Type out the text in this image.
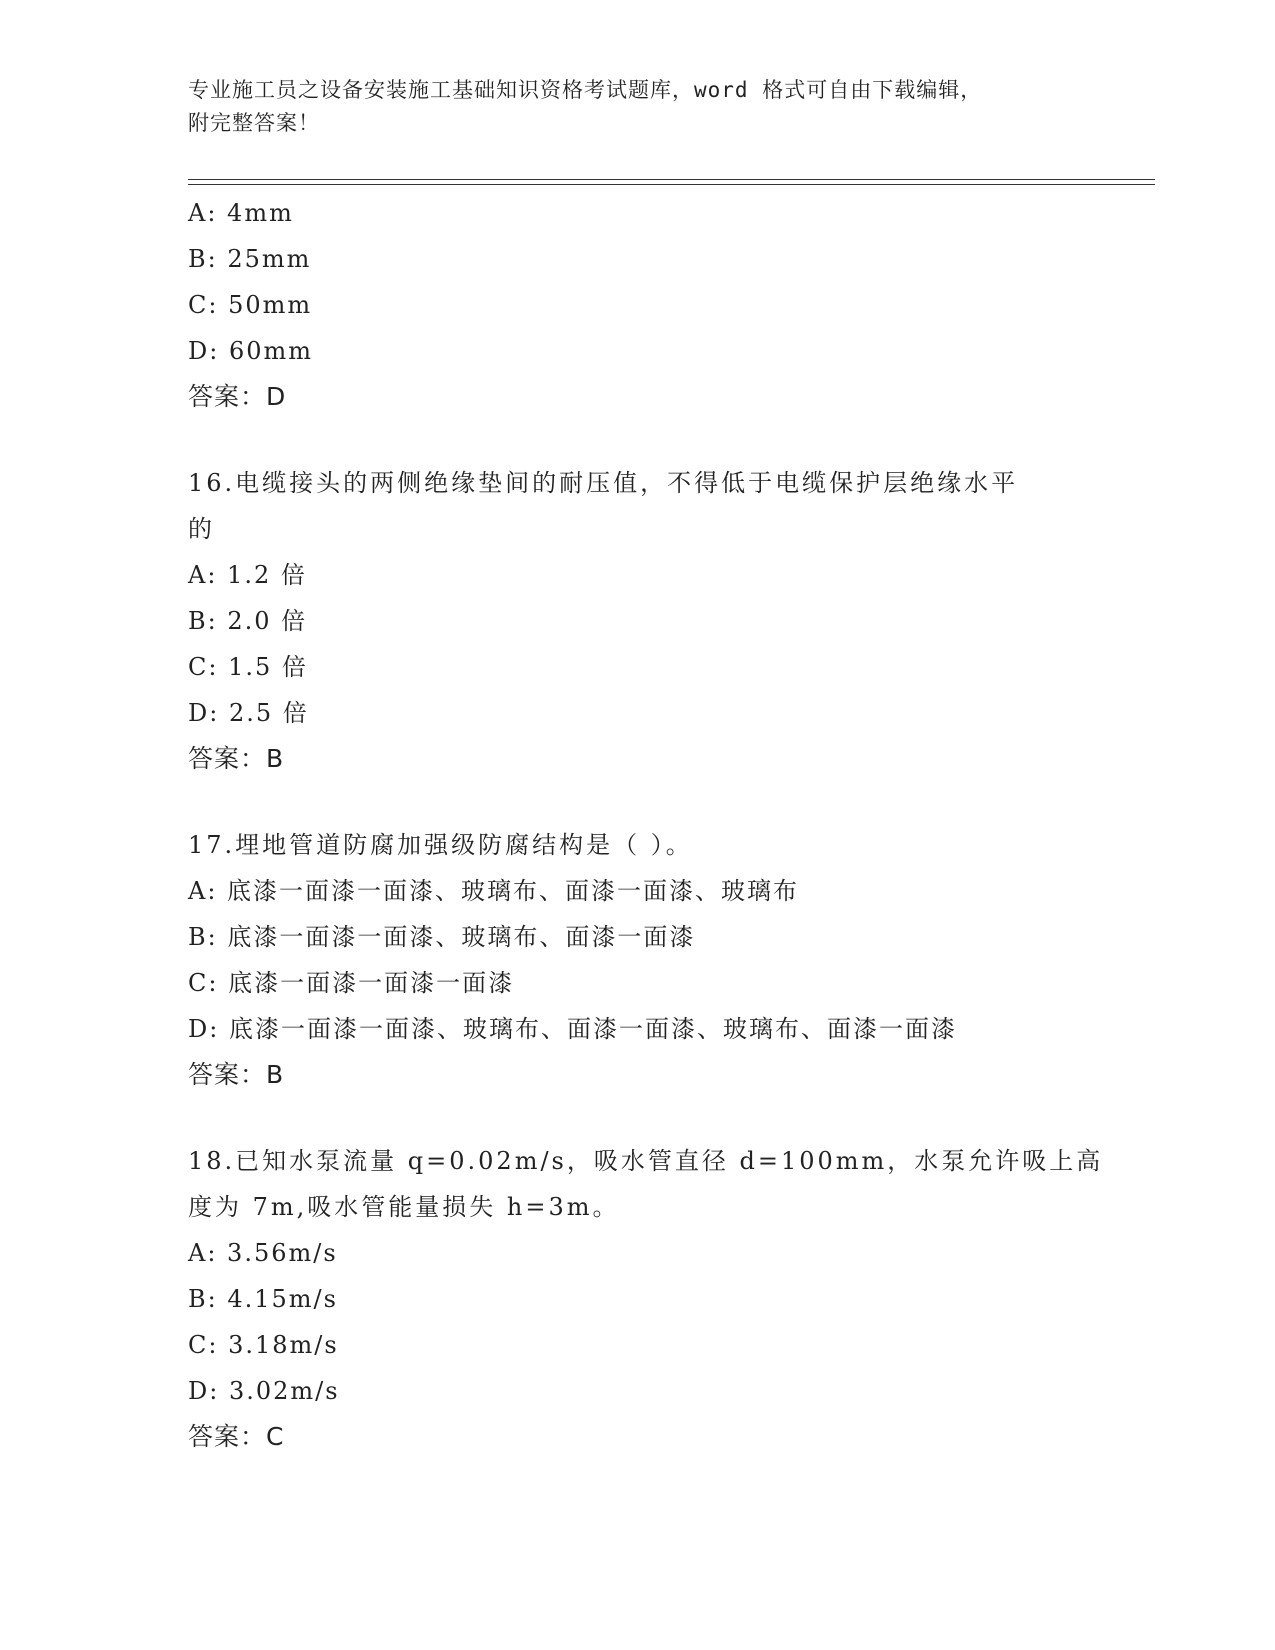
专业施工员之设备安装施工基础知识资格考试题库，word 格式可自由下载编辑，
附完整答案！
A: 4mm
B: 25mm
C: 50mm
D: 60mm
答案：D
16.电缆接头的两侧绝缘垫间的耐压值，不得低于电缆保护层绝缘水平
的
A: 1.2 倍
B: 2.0 倍
C: 1.5 倍
D: 2.5 倍
答案：B
17.埋地管道防腐加强级防腐结构是（ ）。
A: 底漆一面漆一面漆、玻璃布、面漆一面漆、玻璃布
B: 底漆一面漆一面漆、玻璃布、面漆一面漆
C: 底漆一面漆一面漆一面漆
D: 底漆一面漆一面漆、玻璃布、面漆一面漆、玻璃布、面漆一面漆
答案：B
18.已知水泵流量 q=0.02m/s，吸水管直径 d=100mm，水泵允许吸上高
度为 7m,吸水管能量损失 h=3m。
A: 3.56m/s
B: 4.15m/s
C: 3.18m/s
D: 3.02m/s
答案：C
